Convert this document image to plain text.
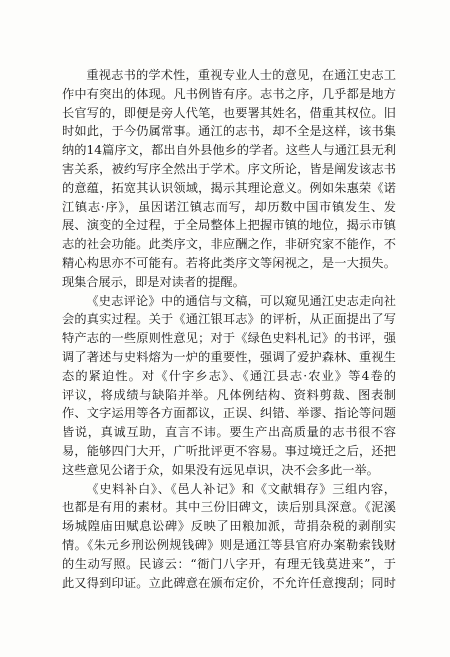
重视志书的学术性，重视专业人士的意见，在通江史志工
作中有突出的体现。凡书例皆有序。志书之序，几乎都是地方
长官写的，即便是旁人代笔，也要署其姓名，借重其权位。旧
时如此，于今仍属常事。通江的志书，却不全是这样，该书集
纳的14篇序文，都出自外县他乡的学者。这些人与通江县无利
害关系，被约写序全然出于学术。序文所论，皆是阐发该志书
的意蕴，拓宽其认识领域，揭示其理论意义。例如朱惠荣《诺
江镇志·序》，虽因诺江镇志而写，却历数中国市镇发生、发
展、演变的全过程，于全局整体上把握市镇的地位，揭示市镇
志的社会功能。此类序文，非应酬之作，非研究家不能作，不
精心构思亦不可能有。若将此类序文等闲视之，是一大损失。
现集合展示，即是对读者的提醒。
《史志评论》中的通信与文稿，可以窥见通江史志走向社
会的真实过程。关于《通江银耳志》的评析，从正面提出了写
特产志的一些原则性意见；对于《绿色史料札记》的书评，强
调了著述与史料熔为一炉的重要性，强调了爱护森林、重视生
态的紧迫性。对《什字乡志》、《通江县志·农业》等4卷的
评议，将成绩与缺陷并举。凡体例结构、资料剪裁、图表制
作、文字运用等各方面都议，正误、纠错、举谬、指论等问题
皆说，真诚互助，直言不讳。要生产出高质量的志书很不容
易，能够四门大开，广听批评更不容易。事过境迁之后，还把
这些意见公诸于众，如果没有远见卓识，决不会多此一举。
《史料补白》、《邑人补记》和《文献辑存》三组内容，
也都是有用的素材。其中三份旧碑文，读后别具深意。《泥溪
场城隍庙田赋息讼碑》反映了田粮加派，苛捐杂税的剥削实
情。《朱元乡刑讼例规钱碑》则是通江等县官府办案勒索钱财
的生动写照。民谚云：“衙门八字开，有理无钱莫进来”，于
此又得到印证。立此碑意在颁布定价，不允许任意搜刮；同时
